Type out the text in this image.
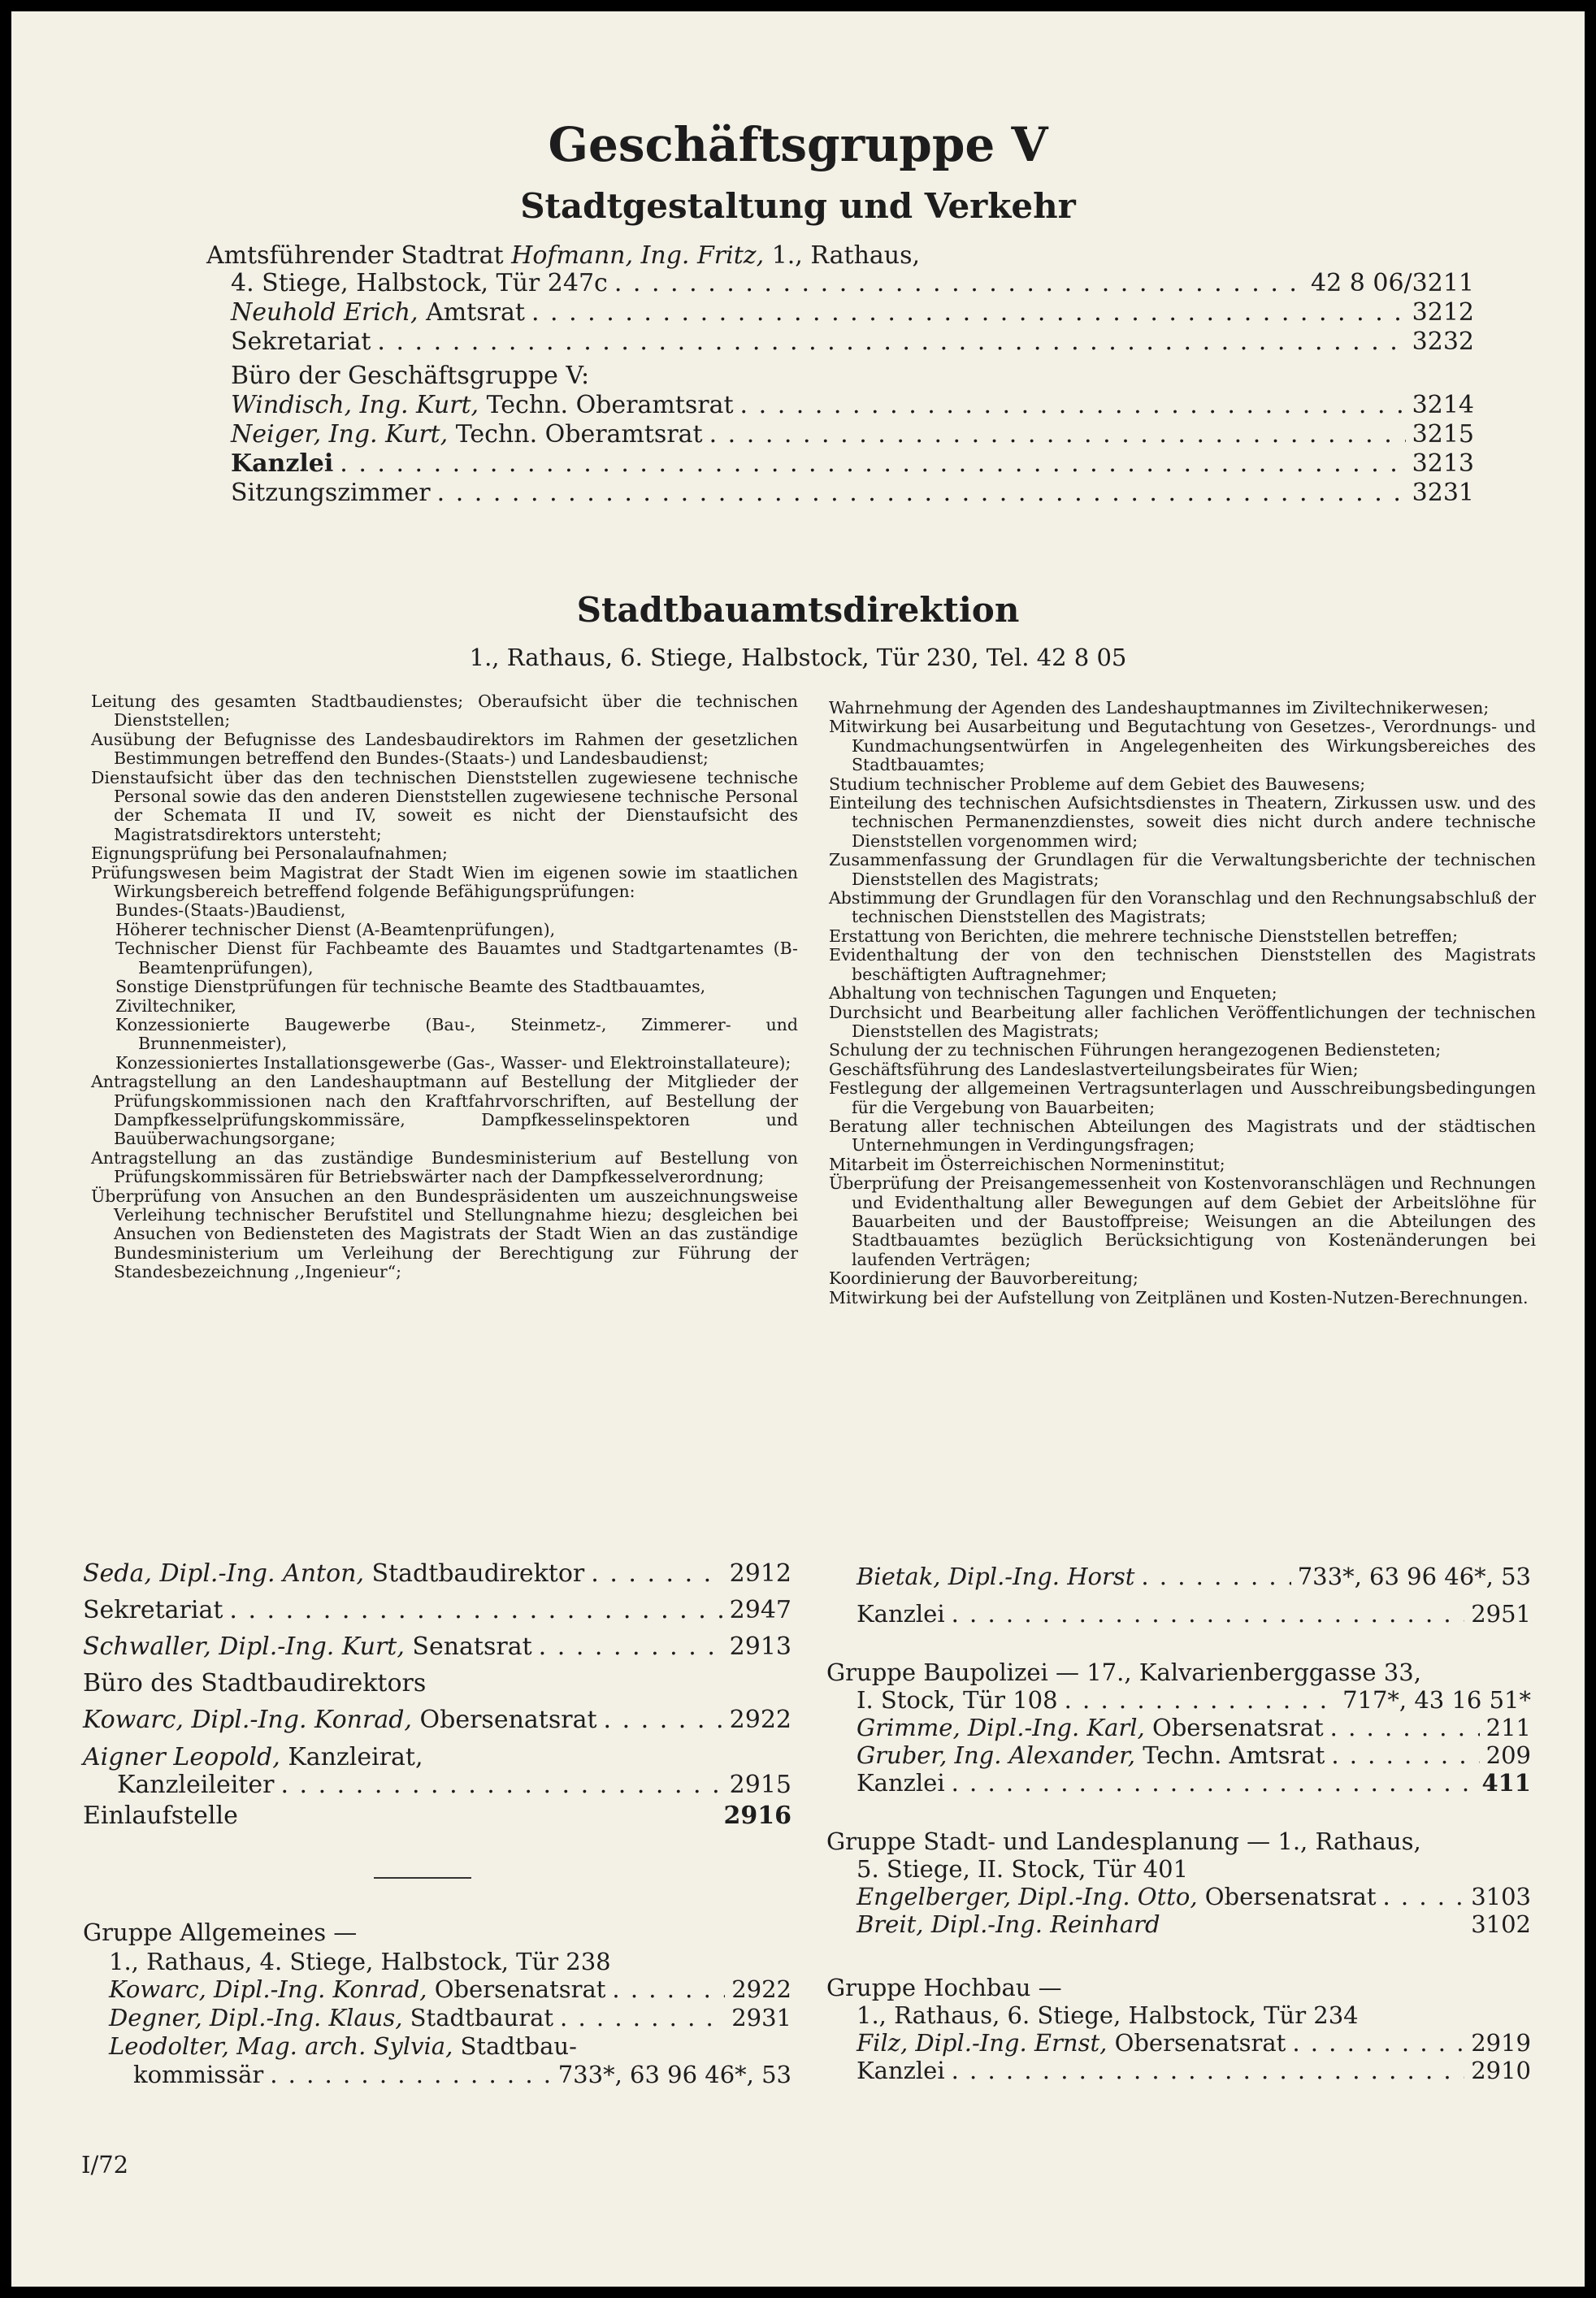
Geschäftsgruppe V
Stadtgestaltung und Verkehr
Amtsführender Stadtrat Hofmann, Ing. Fritz, 1., Rathaus,
4. Stiege, Halbstock, Tür 247c . . .	42 8 06/3211
Neuhold Erich, Amtsrat . . .	3212
Sekretariat . . .	3232
Büro der Geschäftsgruppe V:
Windisch, Ing. Kurt, Techn. Oberamtsrat . . .	3214
Neiger, Ing. Kurt, Techn. Oberamtsrat . . .	3215
Kanzlei . . .	3213
Sitzungszimmer . . .	3231
Stadtbauamtsdirektion
1., Rathaus, 6. Stiege, Halbstock, Tür 230, Tel. 42 8 05

Leitung des gesamten Stadtbaudienstes; Oberaufsicht über die technischen Dienststellen;

Ausübung der Befugnisse des Landesbaudirektors im Rahmen der gesetzlichen Bestimmungen betreffend den Bundes-(Staats-) und Landesbaudienst;

Dienstaufsicht über das den technischen Dienststellen zugewiesene technische Personal sowie das den anderen Dienststellen zugewiesene technische Personal der Schemata II und IV, soweit es nicht der Dienstaufsicht des Magistratsdirektors untersteht;

Eignungsprüfung bei Personalaufnahmen;

Prüfungswesen beim Magistrat der Stadt Wien im eigenen sowie im staatlichen Wirkungsbereich betreffend folgende Befähigungsprüfungen:

Bundes-(Staats-)Baudienst,

Höherer technischer Dienst (A-Beamtenprüfungen),

Technischer Dienst für Fachbeamte des Bauamtes und Stadtgartenamtes (B-Beamtenprüfungen),

Sonstige Dienstprüfungen für technische Beamte des Stadtbauamtes,

Ziviltechniker,

Konzessionierte Baugewerbe (Bau-, Steinmetz-, Zimmerer- und Brunnenmeister),

Konzessioniertes Installationsgewerbe (Gas-, Wasser- und Elektroinstallateure);

Antragstellung an den Landeshauptmann auf Bestellung der Mitglieder der Prüfungskommissionen nach den Kraftfahrvorschriften, auf Bestellung der Dampfkesselprüfungskommissäre, Dampfkesselinspektoren und Bauüberwachungsorgane;

Antragstellung an das zuständige Bundesministerium auf Bestellung von Prüfungskommissären für Betriebswärter nach der Dampfkesselverordnung;

Überprüfung von Ansuchen an den Bundespräsidenten um auszeichnungsweise Verleihung technischer Berufstitel und Stellungnahme hiezu; desgleichen bei Ansuchen von Bediensteten des Magistrats der Stadt Wien an das zuständige Bundesministerium um Verleihung der Berechtigung zur Führung der Standesbezeichnung ,,Ingenieur“;

Wahrnehmung der Agenden des Landeshauptmannes im Ziviltechnikerwesen;

Mitwirkung bei Ausarbeitung und Begutachtung von Gesetzes-, Verordnungs- und Kundmachungsentwürfen in Angelegenheiten des Wirkungsbereiches des Stadtbauamtes;

Studium technischer Probleme auf dem Gebiet des Bauwesens;

Einteilung des technischen Aufsichtsdienstes in Theatern, Zirkussen usw. und des technischen Permanenzdienstes, soweit dies nicht durch andere technische Dienststellen vorgenommen wird;

Zusammenfassung der Grundlagen für die Verwaltungsberichte der technischen Dienststellen des Magistrats;

Abstimmung der Grundlagen für den Voranschlag und den Rechnungsabschluß der technischen Dienststellen des Magistrats;

Erstattung von Berichten, die mehrere technische Dienststellen betreffen;

Evidenthaltung der von den technischen Dienststellen des Magistrats beschäftigten Auftragnehmer;

Abhaltung von technischen Tagungen und Enqueten;

Durchsicht und Bearbeitung aller fachlichen Veröffentlichungen der technischen Dienststellen des Magistrats;

Schulung der zu technischen Führungen herangezogenen Bediensteten;

Geschäftsführung des Landeslastverteilungsbeirates für Wien;

Festlegung der allgemeinen Vertragsunterlagen und Ausschreibungsbedingungen für die Vergebung von Bauarbeiten;

Beratung aller technischen Abteilungen des Magistrats und der städtischen Unternehmungen in Verdingungsfragen;

Mitarbeit im Österreichischen Normeninstitut;

Überprüfung der Preisangemessenheit von Kostenvoranschlägen und Rechnungen und Evidenthaltung aller Bewegungen auf dem Gebiet der Arbeitslöhne für Bauarbeiten und der Baustoffpreise; Weisungen an die Abteilungen des Stadtbauamtes bezüglich Berücksichtigung von Kostenänderungen bei laufenden Verträgen;

Koordinierung der Bauvorbereitung;

Mitwirkung bei der Aufstellung von Zeitplänen und Kosten-Nutzen-Berechnungen.

Seda, Dipl.-Ing. Anton, Stadtbaudirektor . . .	2912
Sekretariat . . .	2947
Schwaller, Dipl.-Ing. Kurt, Senatsrat . . .	2913
Büro des Stadtbaudirektors
Kowarc, Dipl.-Ing. Konrad, Obersenatsrat . . .	2922
Aigner Leopold, Kanzleirat,
Kanzleileiter . . .	2915
Einlaufstelle	2916
Gruppe Allgemeines —
1., Rathaus, 4. Stiege, Halbstock, Tür 238
Kowarc, Dipl.-Ing. Konrad, Obersenatsrat . . .	2922
Degner, Dipl.-Ing. Klaus, Stadtbaurat . . .	2931
Leodolter, Mag. arch. Sylvia, Stadtbau-
kommissär . . .	733*, 63 96 46*, 53
Bietak, Dipl.-Ing. Horst . . .	733*, 63 96 46*, 53
Kanzlei . . .	2951
Gruppe Baupolizei — 17., Kalvarienberggasse 33,
I. Stock, Tür 108 . . .	717*, 43 16 51*
Grimme, Dipl.-Ing. Karl, Obersenatsrat . . .	211
Gruber, Ing. Alexander, Techn. Amtsrat . . .	209
Kanzlei . . .	411
Gruppe Stadt- und Landesplanung — 1., Rathaus,
5. Stiege, II. Stock, Tür 401
Engelberger, Dipl.-Ing. Otto, Obersenatsrat . . .	3103
Breit, Dipl.-Ing. Reinhard	3102
Gruppe Hochbau —
1., Rathaus, 6. Stiege, Halbstock, Tür 234
Filz, Dipl.-Ing. Ernst, Obersenatsrat . . .	2919
Kanzlei . . .	2910
I/72
